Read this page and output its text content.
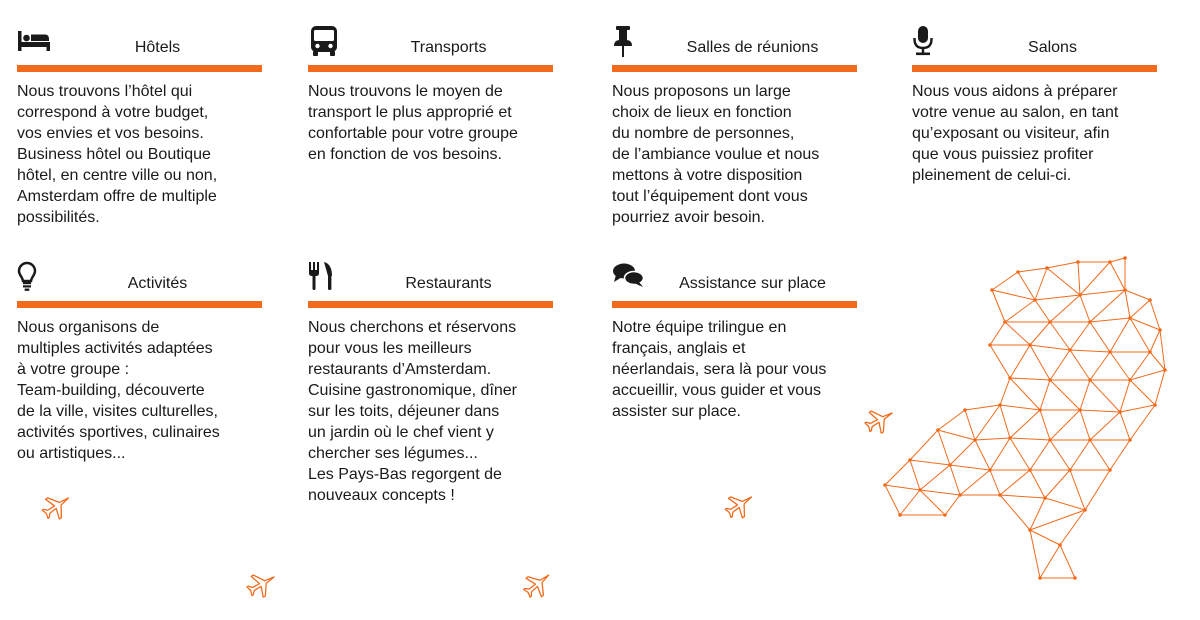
Hôtels
Nous trouvons l’hôtel qui
correspond à votre budget,
vos envies et vos besoins.
Business hôtel ou Boutique
hôtel, en centre ville ou non,
Amsterdam offre de multiple
possibilités.
Transports
Nous trouvons le moyen de
transport le plus approprié et
confortable pour votre groupe
en fonction de vos besoins.
Salles de réunions
Nous proposons un large
choix de lieux en fonction
du nombre de personnes,
de l’ambiance voulue et nous
mettons à votre disposition
tout l’équipement dont vous
pourriez avoir besoin.
Salons
Nous vous aidons à préparer
votre venue au salon, en tant
qu’exposant ou visiteur, afin
que vous puissiez profiter
pleinement de celui-ci.
Activités
Nous organisons de
multiples activités adaptées
à votre groupe :
Team-building, découverte
de la ville, visites culturelles,
activités sportives, culinaires
ou artistiques...
Restaurants
Nous cherchons et réservons
pour vous les meilleurs
restaurants d’Amsterdam.
Cuisine gastronomique, dîner
sur les toits, déjeuner dans
un jardin où le chef vient y
chercher ses légumes...
Les Pays-Bas regorgent de
nouveaux concepts !
Assistance sur place
Notre équipe trilingue en
français, anglais et
néerlandais, sera là pour vous
accueillir, vous guider et vous
assister sur place.
